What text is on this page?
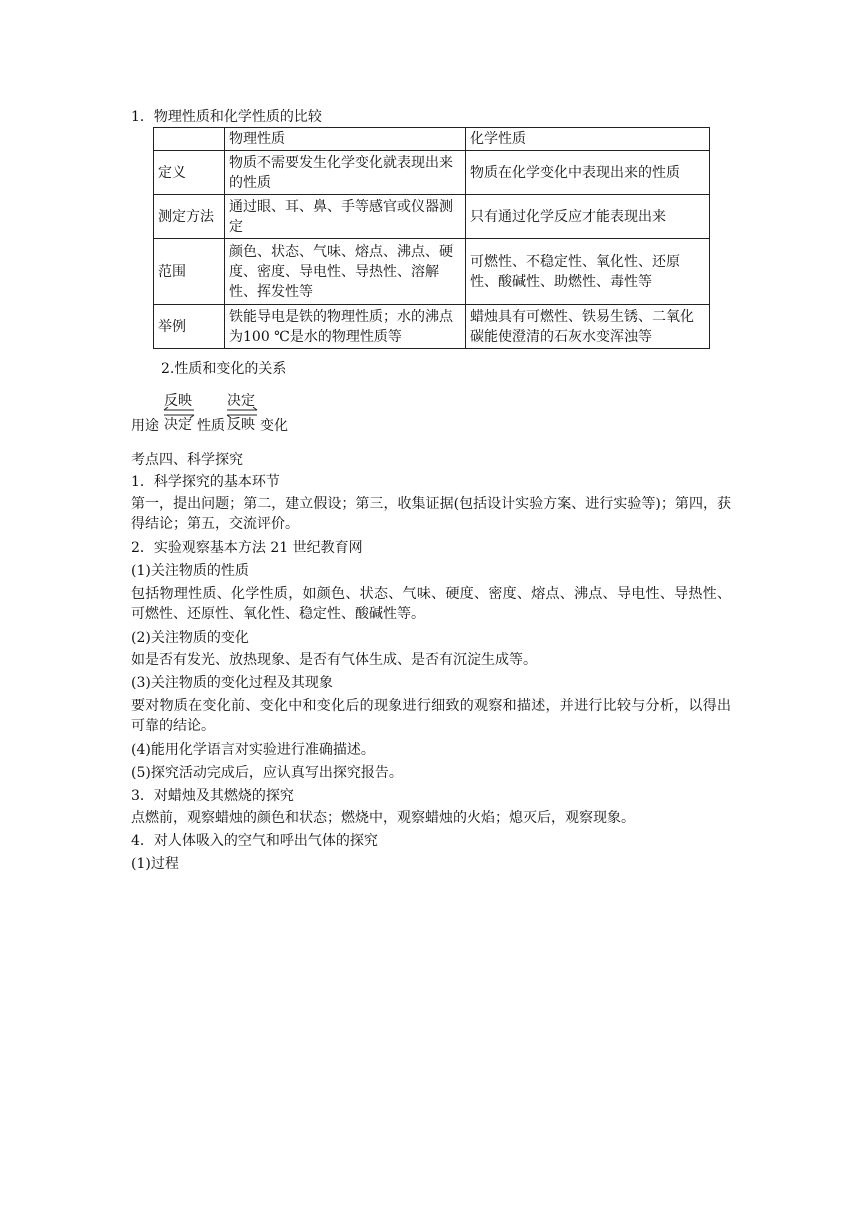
1．物理性质和化学性质的比较
	物理性质	化学性质
定义	物质不需要发生化学变化就表现出来的性质	物质在化学变化中表现出来的性质
测定方法	通过眼、耳、鼻、手等感官或仪器测定	只有通过化学反应才能表现出来
范围	颜色、状态、气味、熔点、沸点、硬度、密度、导电性、导热性、溶解性、挥发性等	可燃性、不稳定性、氧化性、还原性、酸碱性、助燃性、毒性等
举例	铁能导电是铁的物理性质；水的沸点为100 ℃是水的物理性质等	蜡烛具有可燃性、铁易生锈、二氧化碳能使澄清的石灰水变浑浊等
2.性质和变化的关系
用途
反映
决定 性质
决定
反映 变化
考点四、科学探究
1．科学探究的基本环节
第一，提出问题；第二，建立假设；第三，收集证据(包括设计实验方案、进行实验等)；第四，获得结论；第五，交流评价。
2．实验观察基本方法 21 世纪教育网
(1)关注物质的性质
包括物理性质、化学性质，如颜色、状态、气味、硬度、密度、熔点、沸点、导电性、导热性、可燃性、还原性、氧化性、稳定性、酸碱性等。
(2)关注物质的变化
如是否有发光、放热现象、是否有气体生成、是否有沉淀生成等。
(3)关注物质的变化过程及其现象
要对物质在变化前、变化中和变化后的现象进行细致的观察和描述，并进行比较与分析，以得出可靠的结论。
(4)能用化学语言对实验进行准确描述。
(5)探究活动完成后，应认真写出探究报告。
3．对蜡烛及其燃烧的探究
点燃前，观察蜡烛的颜色和状态；燃烧中，观察蜡烛的火焰；熄灭后，观察现象。
4．对人体吸入的空气和呼出气体的探究
(1)过程
